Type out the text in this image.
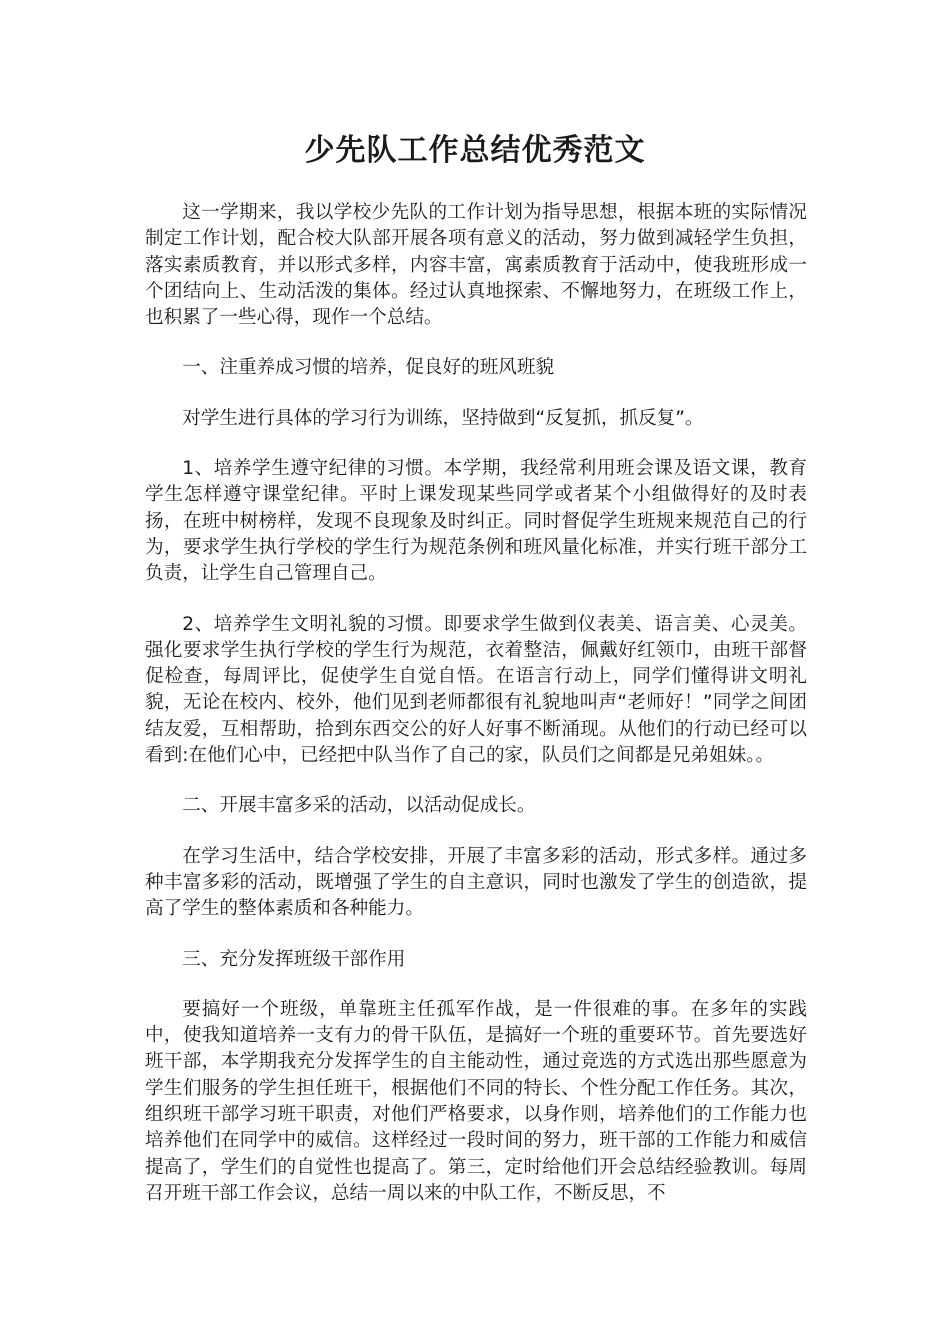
少先队工作总结优秀范文

这一学期来，我以学校少先队的工作计划为指导思想，根据本班的实际情况制定工作计划，配合校大队部开展各项有意义的活动，努力做到减轻学生负担，落实素质教育，并以形式多样，内容丰富，寓素质教育于活动中，使我班形成一个团结向上、生动活泼的集体。经过认真地探索、不懈地努力，在班级工作上，也积累了一些心得，现作一个总结。

一、注重养成习惯的培养，促良好的班风班貌

对学生进行具体的学习行为训练，坚持做到“反复抓，抓反复”。

1、培养学生遵守纪律的习惯。本学期，我经常利用班会课及语文课，教育学生怎样遵守课堂纪律。平时上课发现某些同学或者某个小组做得好的及时表扬，在班中树榜样，发现不良现象及时纠正。同时督促学生班规来规范自己的行为，要求学生执行学校的学生行为规范条例和班风量化标准，并实行班干部分工负责，让学生自己管理自己。

2、培养学生文明礼貌的习惯。即要求学生做到仪表美、语言美、心灵美。强化要求学生执行学校的学生行为规范，衣着整洁，佩戴好红领巾，由班干部督促检查，每周评比，促使学生自觉自悟。在语言行动上，同学们懂得讲文明礼貌，无论在校内、校外，他们见到老师都很有礼貌地叫声“老师好！”同学之间团结友爱，互相帮助，拾到东西交公的好人好事不断涌现。从他们的行动已经可以看到:在他们心中，已经把中队当作了自己的家，队员们之间都是兄弟姐妹。。

二、开展丰富多采的活动，以活动促成长。

在学习生活中，结合学校安排，开展了丰富多彩的活动，形式多样。通过多种丰富多彩的活动，既增强了学生的自主意识，同时也激发了学生的创造欲，提高了学生的整体素质和各种能力。

三、充分发挥班级干部作用

要搞好一个班级，单靠班主任孤军作战，是一件很难的事。在多年的实践中，使我知道培养一支有力的骨干队伍，是搞好一个班的重要环节。首先要选好班干部，本学期我充分发挥学生的自主能动性，通过竞选的方式选出那些愿意为学生们服务的学生担任班干，根据他们不同的特长、个性分配工作任务。其次，组织班干部学习班干职责，对他们严格要求，以身作则，培养他们的工作能力也培养他们在同学中的威信。这样经过一段时间的努力，班干部的工作能力和威信提高了，学生们的自觉性也提高了。第三，定时给他们开会总结经验教训。每周召开班干部工作会议，总结一周以来的中队工作，不断反思，不
